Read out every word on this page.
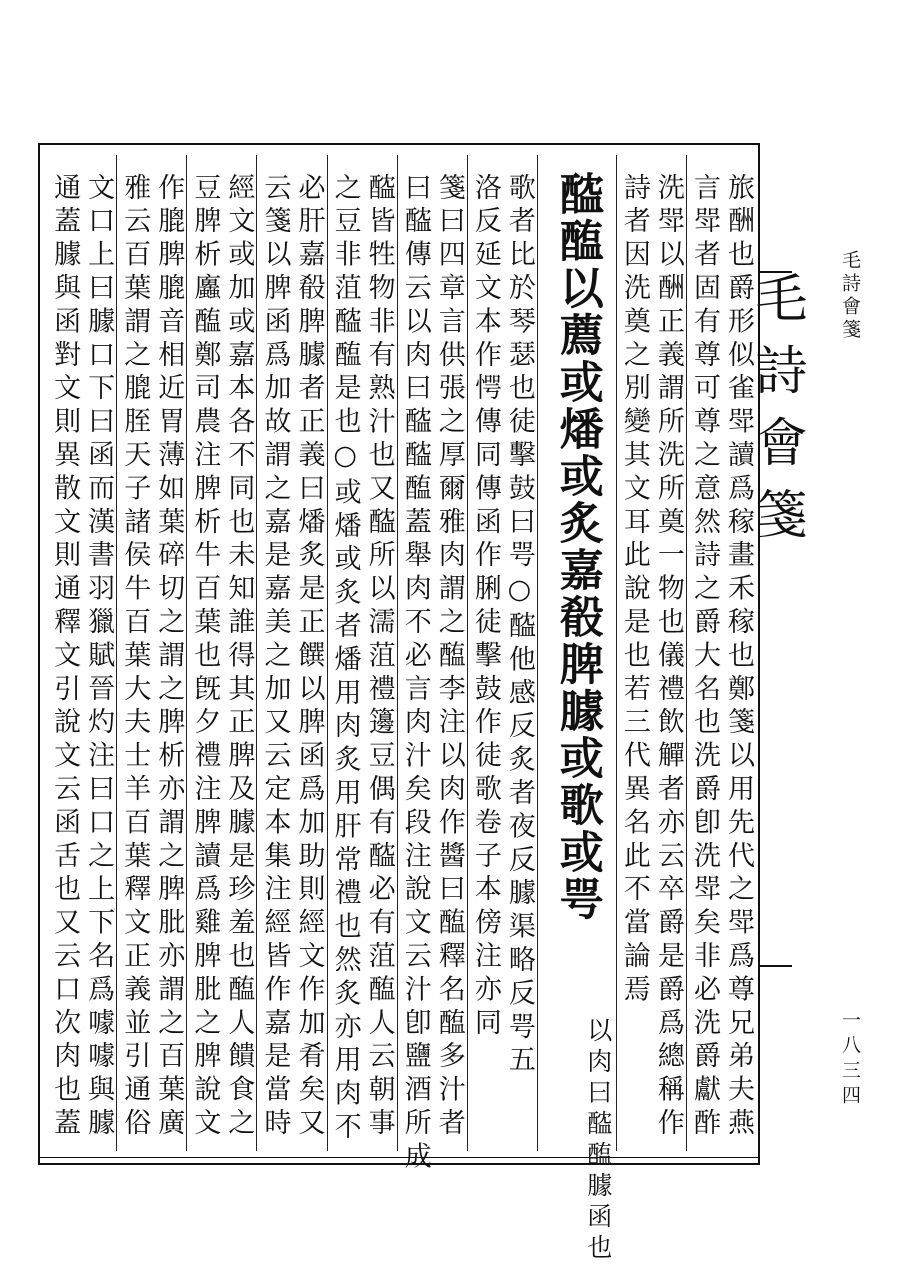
毛詩會箋
一八三四
毛詩會箋
旅酬也爵形似雀斝讀爲稼畫禾稼也鄭箋以用先代之斝爲尊兄弟夫燕
言斝者固有尊可尊之意然詩之爵大名也洗爵卽洗斝矣非必洗爵獻酢
洗斝以酬正義謂所洗所奠一物也儀禮飲觶者亦云卒爵是爵爲總稱作
詩者因洗奠之別變其文耳此說是也若三代異名此不當論焉
醓醢以薦或燔或炙嘉殽脾臄或歌或咢
以肉曰醓醢臄函也
歌者比於琴瑟也徒擊鼓曰咢○醓他感反炙者夜反臄渠略反咢五
洛反延文本作愕傳同傳函作脷徒擊鼓作徒歌卷子本傍注亦同
箋曰四章言供張之厚爾雅肉謂之醢李注以肉作醬曰醢釋名醢多汁者
曰醓傳云以肉曰醓醓醢蓋舉肉不必言肉汁矣段注說文云汁卽鹽酒所成
醓皆牲物非有熟汁也又醓所以濡菹禮籩豆偶有醓必有菹醢人云朝事
之豆非菹醓醢是也○或燔或炙者燔用肉炙用肝常禮也然炙亦用肉不
必肝嘉殽脾臄者正義曰燔炙是正饌以脾函爲加助則經文作加肴矣又
云箋以脾函爲加故謂之嘉是嘉美之加又云定本集注經皆作嘉是當時
經文或加或嘉本各不同也未知誰得其正脾及臄是珍羞也醢人饋食之
豆脾析蠯醢鄭司農注脾析牛百葉也旣夕禮注脾讀爲雞脾肶之脾說文
作膍脾膍音相近胃薄如葉碎切之謂之脾析亦謂之脾肶亦謂之百葉廣
雅云百葉謂之膍胵天子諸侯牛百葉大夫士羊百葉釋文正義並引通俗
文口上曰臄口下曰函而漢書羽獵賦晉灼注曰口之上下名爲噱噱與臄
通蓋臄與函對文則異散文則通釋文引說文云函舌也又云口次肉也蓋
